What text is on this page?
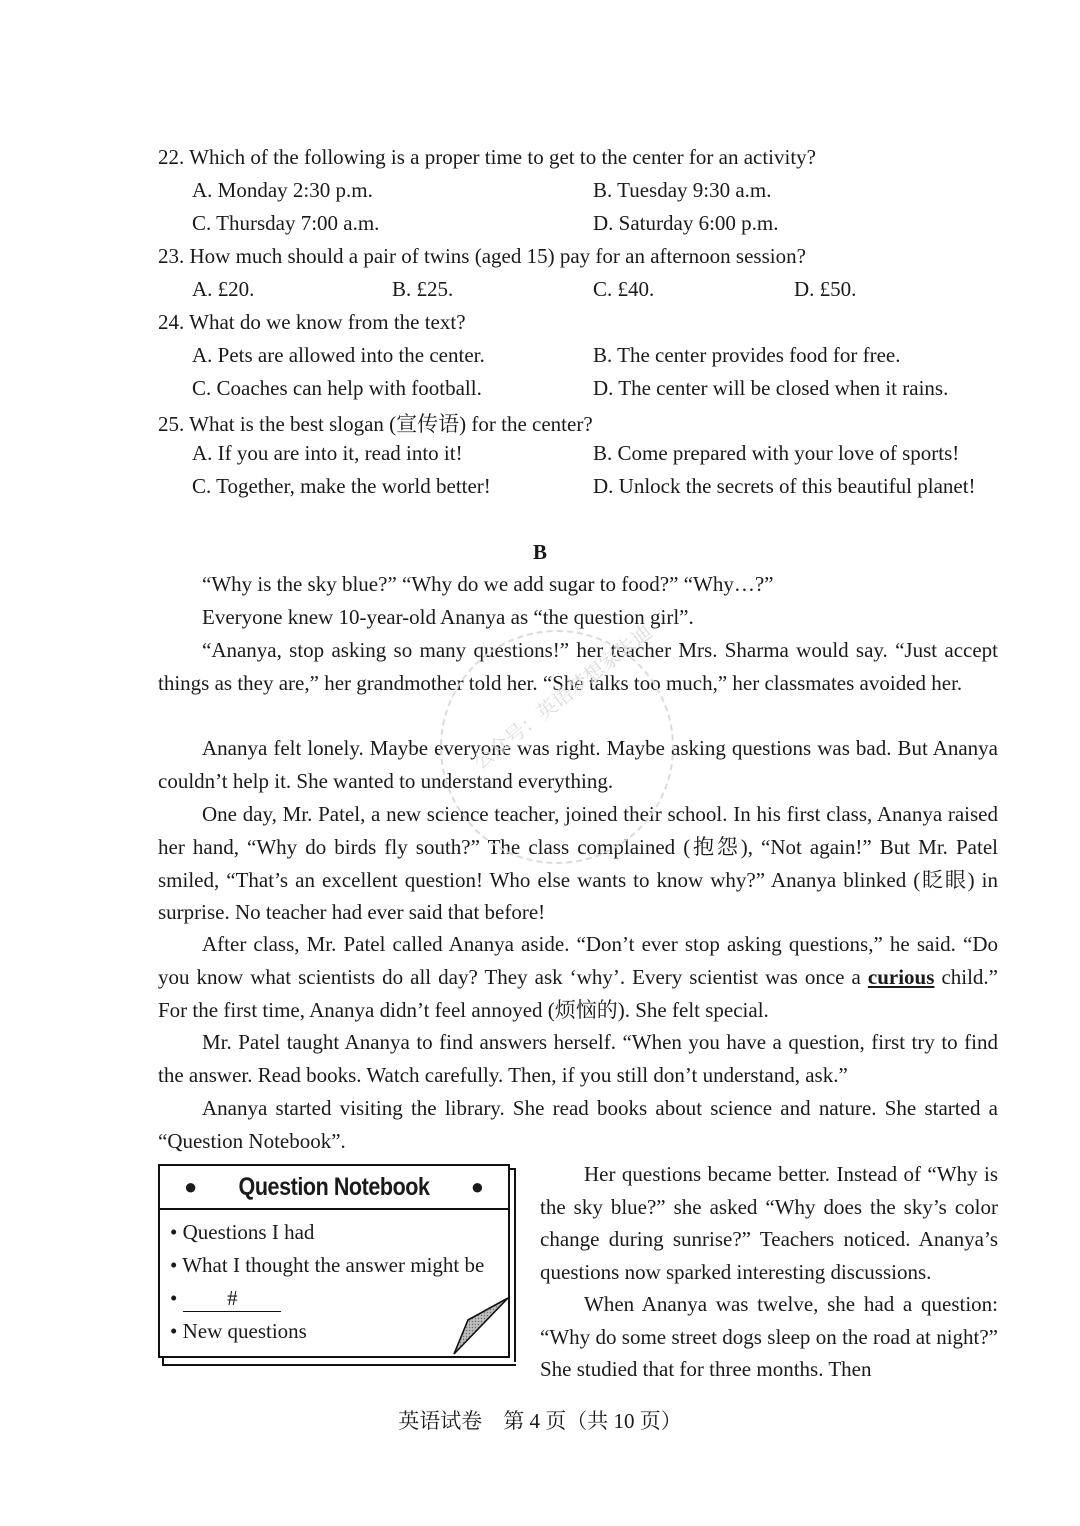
22. Which of the following is a proper time to get to the center for an activity?
A. Monday 2:30 p.m.	B. Tuesday 9:30 a.m.
C. Thursday 7:00 a.m.	D. Saturday 6:00 p.m.
23. How much should a pair of twins (aged 15) pay for an afternoon session?
A. £20.	B. £25.	C. £40.	D. £50.
24. What do we know from the text?
A. Pets are allowed into the center.	B. The center provides food for free.
C. Coaches can help with football.	D. The center will be closed when it rains.
25. What is the best slogan (宣传语) for the center?
A. If you are into it, read into it!	B. Come prepared with your love of sports!
C. Together, make the world better!	D. Unlock the secrets of this beautiful planet!
B
“Why is the sky blue?” “Why do we add sugar to food?” “Why…?”
Everyone knew 10-year-old Ananya as “the question girl”.
“Ananya, stop asking so many questions!” her teacher Mrs. Sharma would say. “Just accept things as they are,” her grandmother told her. “She talks too much,” her classmates avoided her.
Ananya felt lonely. Maybe everyone was right. Maybe asking questions was bad. But Ananya couldn’t help it. She wanted to understand everything.
One day, Mr. Patel, a new science teacher, joined their school. In his first class, Ananya raised her hand, “Why do birds fly south?” The class complained (抱怨), “Not again!” But Mr. Patel smiled, “That’s an excellent question! Who else wants to know why?” Ananya blinked (眨眼) in surprise. No teacher had ever said that before!
After class, Mr. Patel called Ananya aside. “Don’t ever stop asking questions,” he said. “Do you know what scientists do all day? They ask ‘why’. Every scientist was once a curious child.” For the first time, Ananya didn’t feel annoyed (烦恼的). She felt special.
Mr. Patel taught Ananya to find answers herself. “When you have a question, first try to find the answer. Read books. Watch carefully. Then, if you still don’t understand, ask.”
Ananya started visiting the library. She read books about science and nature. She started a “Question Notebook”.
● Question Notebook ●
• Questions I had
• What I thought the answer might be
• #
• New questions
Her questions became better. Instead of “Why is the sky blue?” she asked “Why does the sky’s color change during sunrise?” Teachers noticed. Ananya’s questions now sparked interesting discussions.
When Ananya was twelve, she had a question: “Why do some street dogs sleep on the road at night?” She studied that for three months. Then
公众号：英语梦想家朱迪
英语试卷　第 4 页（共 10 页）
